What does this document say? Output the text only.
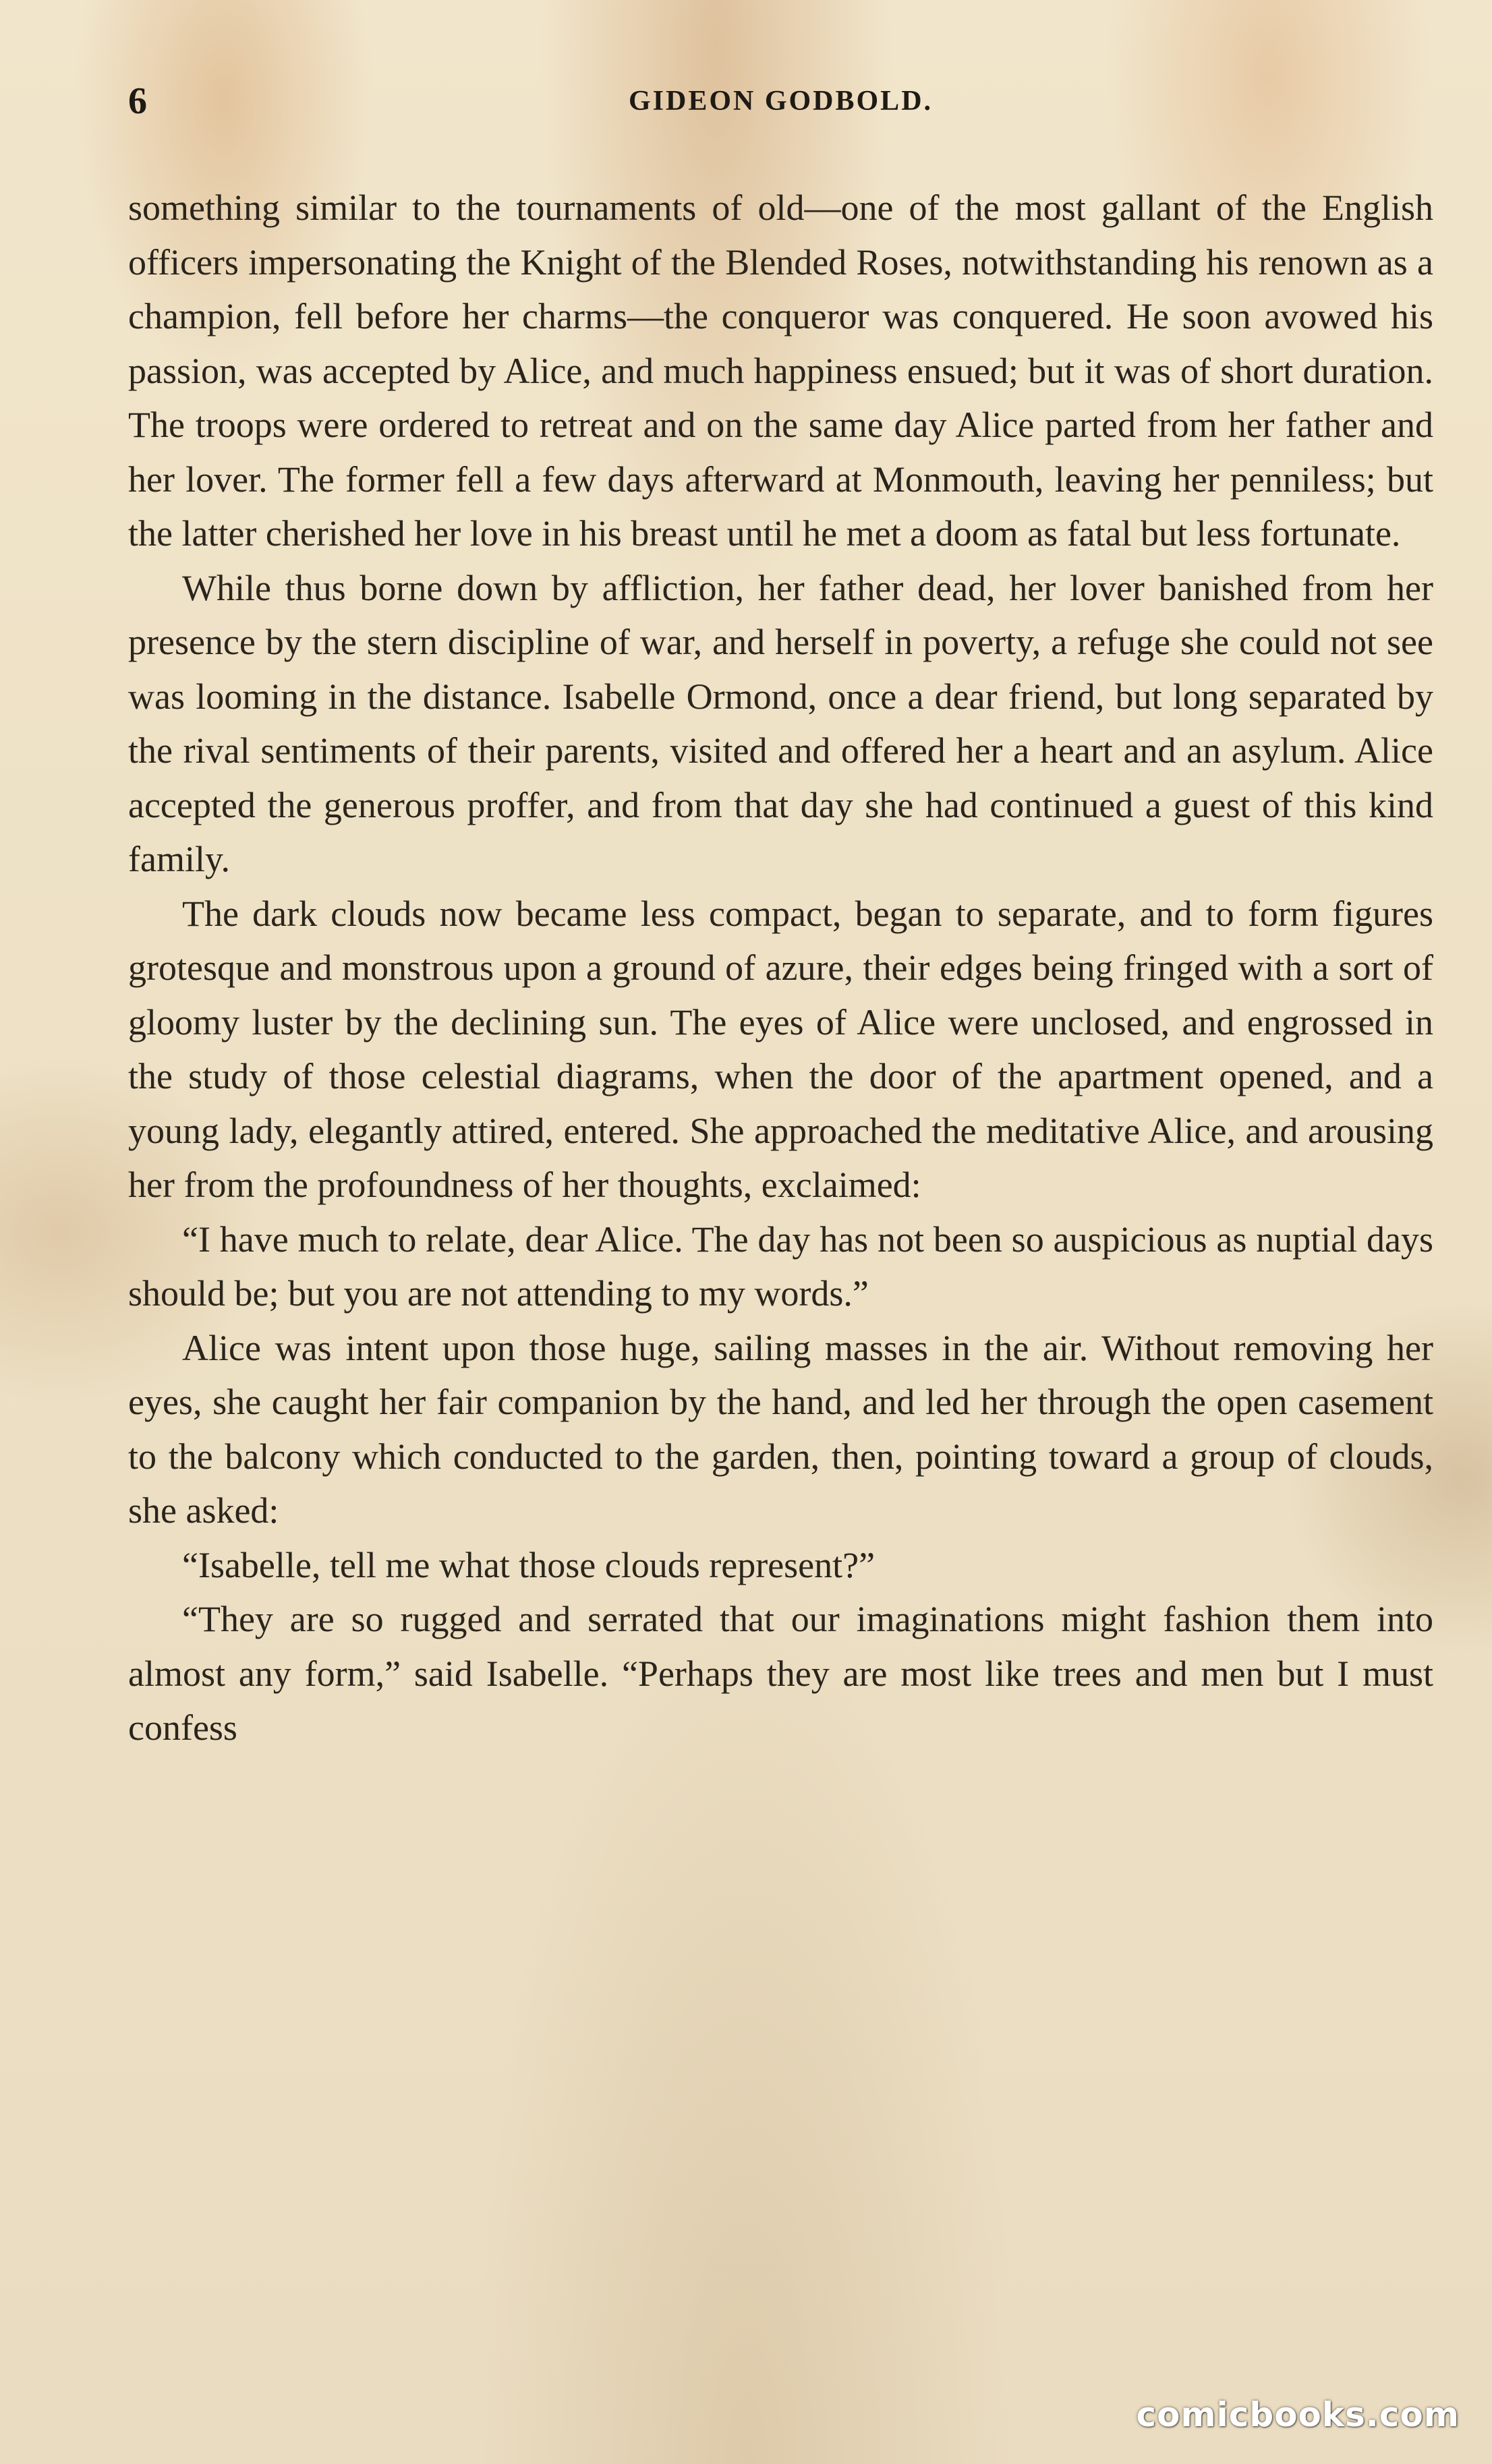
6	GIDEON GODBOLD.

something similar to the tournaments of old—one of the most gallant of the English officers impersonating the Knight of the Blended Roses, notwithstanding his renown as a champion, fell before her charms—the conqueror was conquered. He soon avowed his passion, was accepted by Alice, and much happiness ensued; but it was of short duration. The troops were ordered to retreat and on the same day Alice parted from her father and her lover. The former fell a few days afterward at Monmouth, leaving her penniless; but the latter cherished her love in his breast until he met a doom as fatal but less fortunate.

While thus borne down by affliction, her father dead, her lover banished from her presence by the stern discipline of war, and herself in poverty, a refuge she could not see was looming in the distance. Isabelle Ormond, once a dear friend, but long separated by the rival sentiments of their parents, visited and offered her a heart and an asylum. Alice accepted the generous proffer, and from that day she had continued a guest of this kind family.

The dark clouds now became less compact, began to separate, and to form figures grotesque and monstrous upon a ground of azure, their edges being fringed with a sort of gloomy luster by the declining sun. The eyes of Alice were unclosed, and engrossed in the study of those celestial diagrams, when the door of the apartment opened, and a young lady, elegantly attired, entered. She approached the meditative Alice, and arousing her from the profoundness of her thoughts, exclaimed:

“I have much to relate, dear Alice. The day has not been so auspicious as nuptial days should be; but you are not attending to my words.”

Alice was intent upon those huge, sailing masses in the air. Without removing her eyes, she caught her fair companion by the hand, and led her through the open casement to the balcony which conducted to the garden, then, pointing toward a group of clouds, she asked:

“Isabelle, tell me what those clouds represent?”

“They are so rugged and serrated that our imaginations might fashion them into almost any form,” said Isabelle. “Perhaps they are most like trees and men but I must confess

comicbooks.com
